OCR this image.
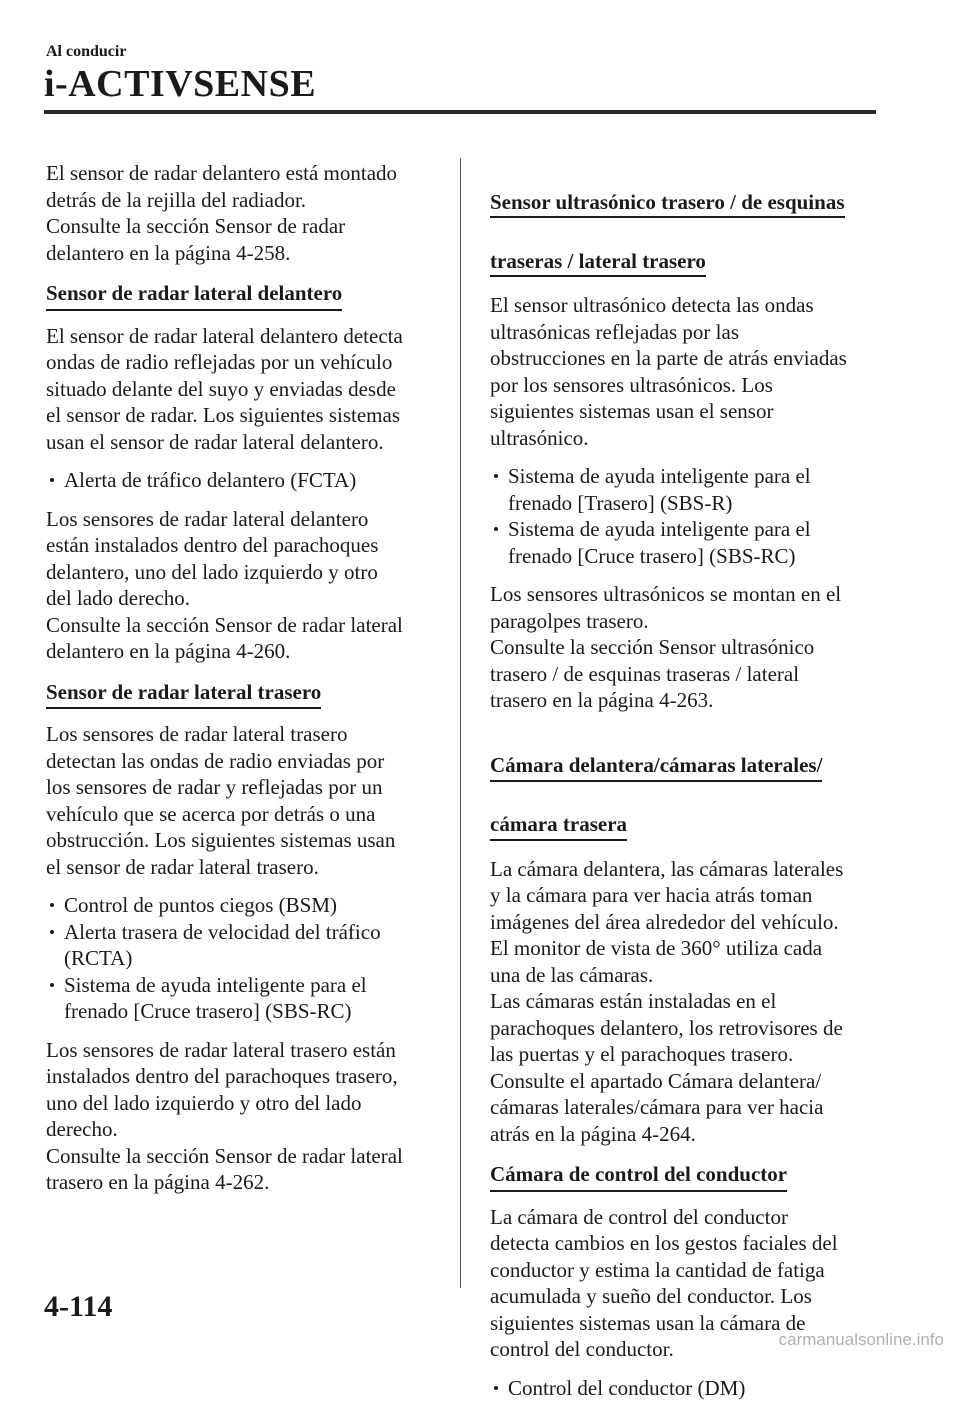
Al conducir
i-ACTIVSENSE

El sensor de radar delantero está montado
detrás de la rejilla del radiador.
Consulte la sección Sensor de radar
delantero en la página 4-258.

Sensor de radar lateral delantero

El sensor de radar lateral delantero detecta
ondas de radio reflejadas por un vehículo
situado delante del suyo y enviadas desde
el sensor de radar. Los siguientes sistemas
usan el sensor de radar lateral delantero.

Alerta de tráfico delantero (FCTA)

Los sensores de radar lateral delantero
están instalados dentro del parachoques
delantero, uno del lado izquierdo y otro
del lado derecho.
Consulte la sección Sensor de radar lateral
delantero en la página 4-260.

Sensor de radar lateral trasero

Los sensores de radar lateral trasero
detectan las ondas de radio enviadas por
los sensores de radar y reflejadas por un
vehículo que se acerca por detrás o una
obstrucción. Los siguientes sistemas usan
el sensor de radar lateral trasero.

Control de puntos ciegos (BSM)
Alerta trasera de velocidad del tráfico
(RCTA)
Sistema de ayuda inteligente para el
frenado [Cruce trasero] (SBS-RC)

Los sensores de radar lateral trasero están
instalados dentro del parachoques trasero,
uno del lado izquierdo y otro del lado
derecho.
Consulte la sección Sensor de radar lateral
trasero en la página 4-262.

Sensor ultrasónico trasero / de esquinas

traseras / lateral trasero

El sensor ultrasónico detecta las ondas
ultrasónicas reflejadas por las
obstrucciones en la parte de atrás enviadas
por los sensores ultrasónicos. Los
siguientes sistemas usan el sensor
ultrasónico.

Sistema de ayuda inteligente para el
frenado [Trasero] (SBS-R)
Sistema de ayuda inteligente para el
frenado [Cruce trasero] (SBS-RC)

Los sensores ultrasónicos se montan en el
paragolpes trasero.
Consulte la sección Sensor ultrasónico
trasero / de esquinas traseras / lateral
trasero en la página 4-263.

Cámara delantera/cámaras laterales/

cámara trasera

La cámara delantera, las cámaras laterales
y la cámara para ver hacia atrás toman
imágenes del área alrededor del vehículo.
El monitor de vista de 360° utiliza cada
una de las cámaras.
Las cámaras están instaladas en el
parachoques delantero, los retrovisores de
las puertas y el parachoques trasero.
Consulte el apartado Cámara delantera/
cámaras laterales/cámara para ver hacia
atrás en la página 4-264.

Cámara de control del conductor

La cámara de control del conductor
detecta cambios en los gestos faciales del
conductor y estima la cantidad de fatiga
acumulada y sueño del conductor. Los
siguientes sistemas usan la cámara de
control del conductor.

Control del conductor (DM)
4-114
carmanualsonline.info
